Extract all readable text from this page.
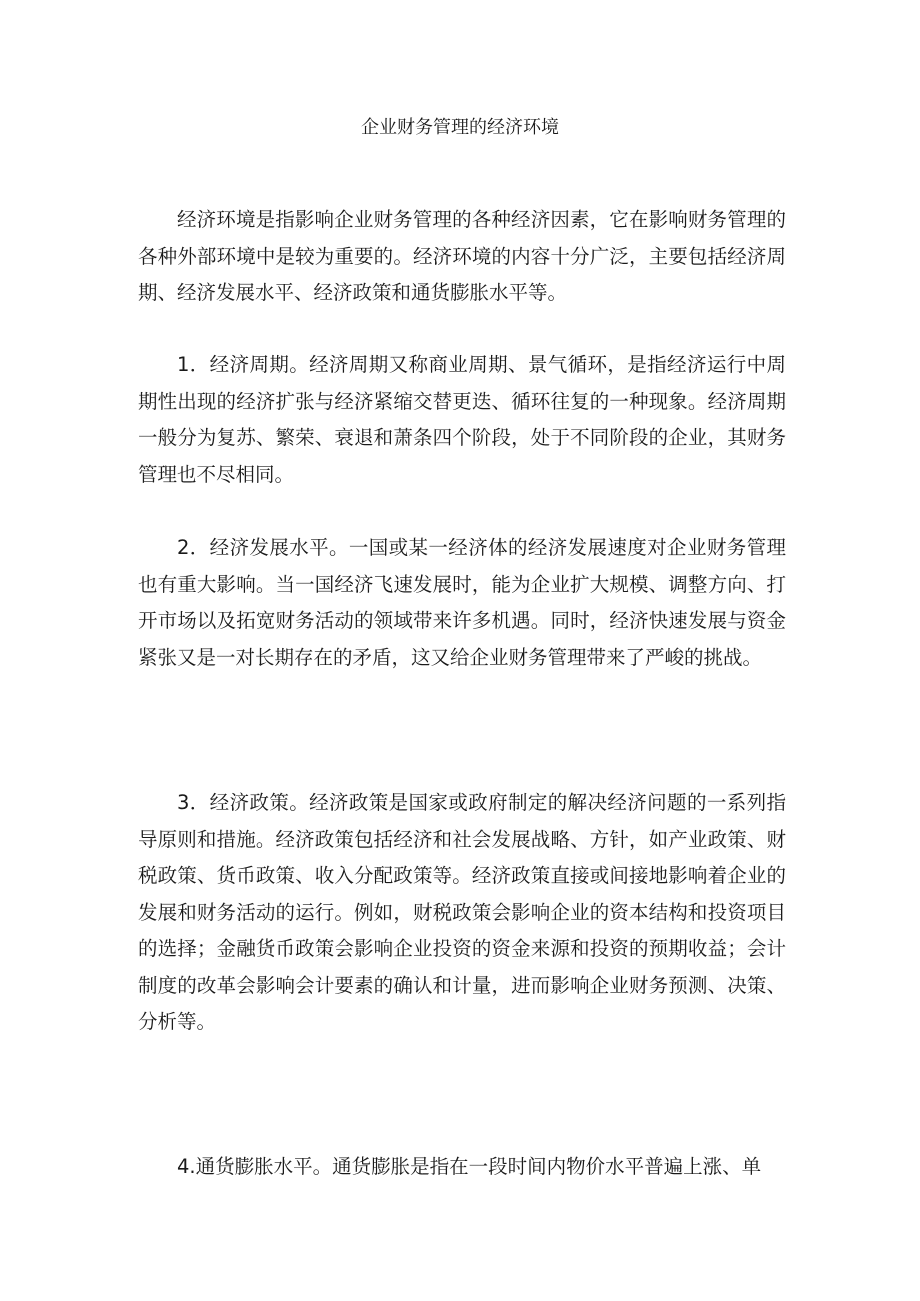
企业财务管理的经济环境

经济环境是指影响企业财务管理的各种经济因素，它在影响财务管理的各种外部环境中是较为重要的。经济环境的内容十分广泛，主要包括经济周期、经济发展水平、经济政策和通货膨胀水平等。

1．经济周期。经济周期又称商业周期、景气循环，是指经济运行中周期性出现的经济扩张与经济紧缩交替更迭、循环往复的一种现象。经济周期一般分为复苏、繁荣、衰退和萧条四个阶段，处于不同阶段的企业，其财务管理也不尽相同。

2．经济发展水平。一国或某一经济体的经济发展速度对企业财务管理也有重大影响。当一国经济飞速发展时，能为企业扩大规模、调整方向、打开市场以及拓宽财务活动的领域带来许多机遇。同时，经济快速发展与资金紧张又是一对长期存在的矛盾，这又给企业财务管理带来了严峻的挑战。

3．经济政策。经济政策是国家或政府制定的解决经济问题的一系列指导原则和措施。经济政策包括经济和社会发展战略、方针，如产业政策、财税政策、货币政策、收入分配政策等。经济政策直接或间接地影响着企业的发展和财务活动的运行。例如，财税政策会影响企业的资本结构和投资项目的选择；金融货币政策会影响企业投资的资金来源和投资的预期收益；会计制度的改革会影响会计要素的确认和计量，进而影响企业财务预测、决策、分析等。

4.通货膨胀水平。通货膨胀是指在一段时间内物价水平普遍上涨、单
